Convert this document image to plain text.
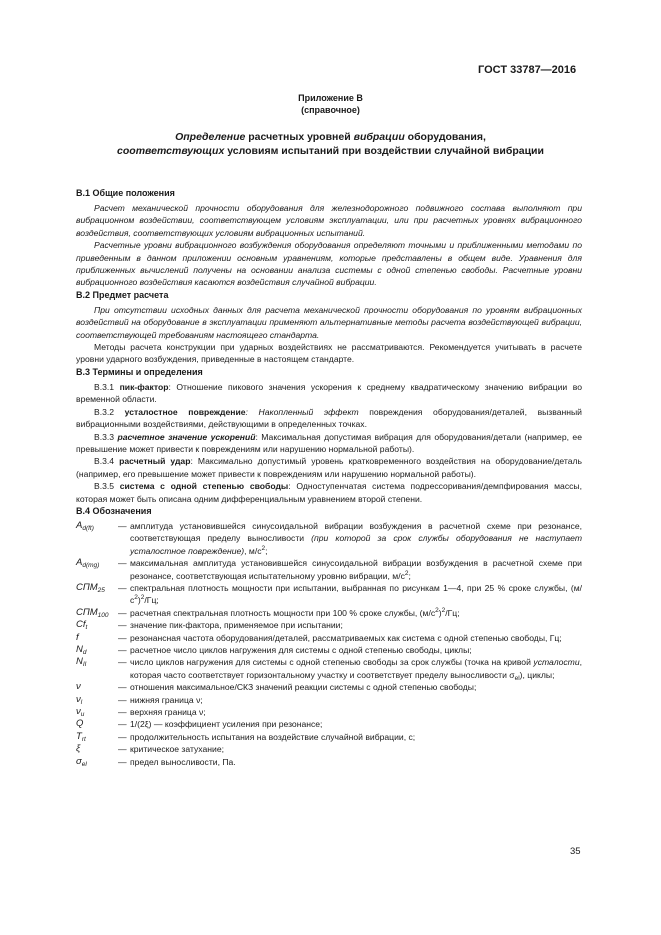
ГОСТ 33787—2016
Приложение В
(справочное)
Определение расчетных уровней вибрации оборудования,
соответствующих условиям испытаний при воздействии случайной вибрации
В.1 Общие положения

Расчет механической прочности оборудования для железнодорожного подвижного состава выполняют при вибрационном воздействии, соответствующем условиям эксплуатации, или при расчетных уровнях вибрационного воздействия, соответствующих условиям вибрационных испытаний.

Расчетные уровни вибрационного возбуждения оборудования определяют точными и приближенными методами по приведенным в данном приложении основным уравнениям, которые представлены в общем виде. Уравнения для приближенных вычислений получены на основании анализа системы с одной степенью свободы. Расчетные уровни вибрационного воздействия касаются воздействия случайной вибрации.

В.2 Предмет расчета

При отсутствии исходных данных для расчета механической прочности оборудования по уровням вибрационных воздействий на оборудование в эксплуатации применяют альтернативные методы расчета воздействующей вибрации, соответствующей требованиям настоящего стандарта.

Методы расчета конструкции при ударных воздействиях не рассматриваются. Рекомендуется учитывать в расчете уровни ударного возбуждения, приведенные в настоящем стандарте.

В.3 Термины и определения

В.3.1 пик-фактор: Отношение пикового значения ускорения к среднему квадратическому значению вибрации во временной области.

В.3.2 усталостное повреждение: Накопленный эффект повреждения оборудования/деталей, вызванный вибрационными воздействиями, действующими в определенных точках.

В.3.3 расчетное значение ускорений: Максимальная допустимая вибрация для оборудования/детали (например, ее превышение может привести к повреждениям или нарушению нормальной работы).

В.3.4 расчетный удар: Максимально допустимый уровень кратковременного воздействия на оборудование/деталь (например, его превышение может привести к повреждениям или нарушению нормальной работы).

В.3.5 система с одной степенью свободы: Одноступенчатая система подрессоривания/демпфирования массы, которая может быть описана одним дифференциальным уравнением второй степени.

В.4 Обозначения
$A_{d(ft)}$	—	амплитуда установившейся синусоидальной вибрации возбуждения в расчетной схеме при резонансе, соответствующая пределу выносливости (при которой за срок службы оборудования не наступает усталостное повреждение), $м/с^2$;
$A_{d(mg)}$	—	максимальная амплитуда установившейся синусоидальной вибрации возбуждения в расчетной схеме при резонансе, соответствующая испытательному уровню вибрации, $м/с^2$;
$СПМ_{25}$	—	спектральная плотность мощности при испытании, выбранная по рисункам 1—4, при 25 % сроке службы, $(м/с^2)^2/Гц$;
$СПМ_{100}$	—	расчетная спектральная плотность мощности при 100 % сроке службы, $(м/с^2)^2/Гц$;
$Cf_t$	—	значение пик-фактора, применяемое при испытании;
f	—	резонансная частота оборудования/деталей, рассматриваемых как система с одной степенью свободы, Гц;
$N_d$	—	расчетное число циклов нагружения для системы с одной степенью свободы, циклы;
$N_{II}$	—	число циклов нагружения для системы с одной степенью свободы за срок службы (точка на кривой усталости, которая часто соответствует горизонтальному участку и соответствует пределу выносливости $\sigma_{el}$), циклы;
ν	—	отношения максимальное/СКЗ значений реакции системы с одной степенью свободы;
$\nu_l$	—	нижняя граница ν;
$\nu_u$	—	верхняя граница ν;
Q	—	1/(2ξ) — коэффициент усиления при резонансе;
$T_{rt}$	—	продолжительность испытания на воздействие случайной вибрации, с;
ξ	—	критическое затухание;
$\sigma_{el}$	—	предел выносливости, Па.
35
